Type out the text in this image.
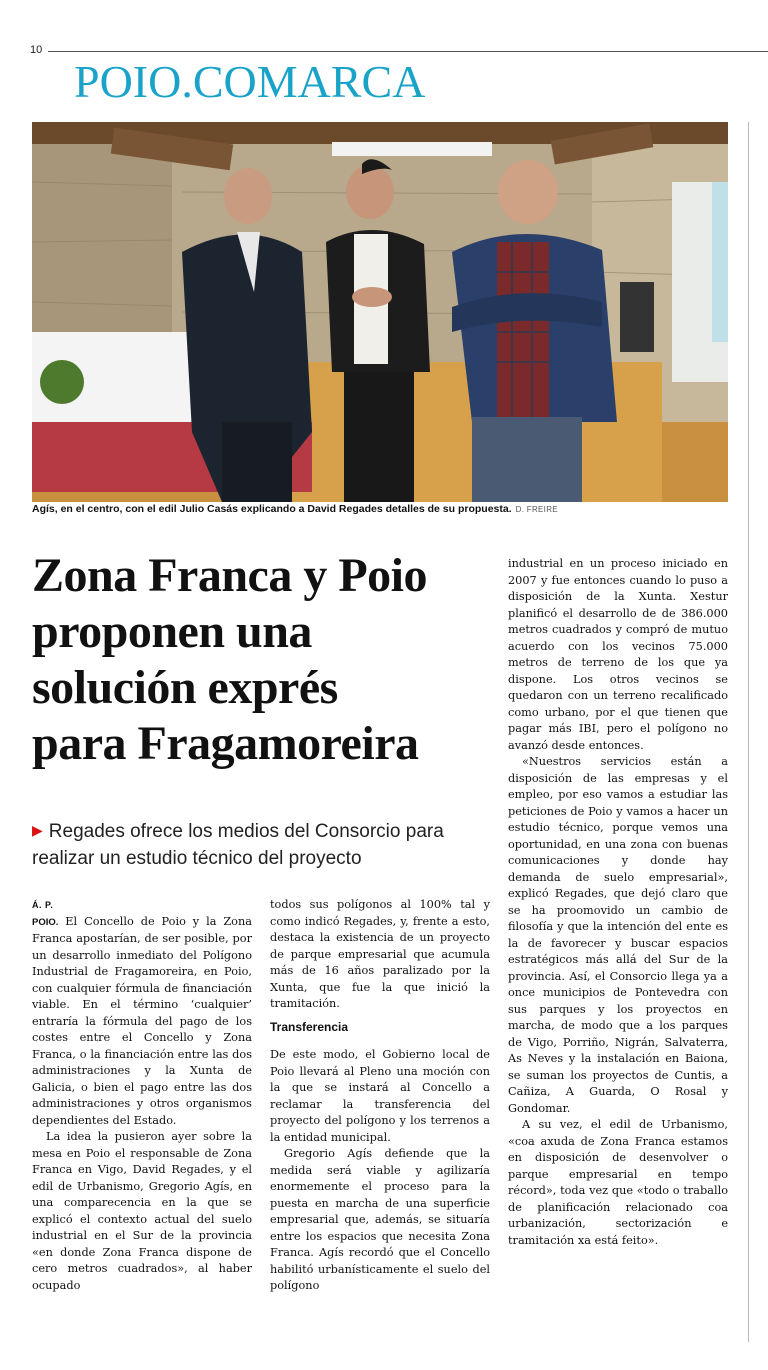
10
POIO.COMARCA
Agís, en el centro, con el edil Julio Casás explicando a David Regades detalles de su propuesta. D. FREIRE
Zona Franca y Poio
proponen una
solución exprés
para Fragamoreira
▶ Regades ofrece los medios del Consorcio para realizar un estudio técnico del proyecto
Á. P.

POIO. El Concello de Poio y la Zona Franca apostarían, de ser posible, por un desarrollo inmediato del Polígono Industrial de Fragamoreira, en Poio, con cualquier fórmula de financiación viable. En el término ‘cualquier’ entraría la fórmula del pago de los costes entre el Concello y Zona Franca, o la financiación entre las dos administraciones y la Xunta de Galicia, o bien el pago entre las dos administraciones y otros organismos dependientes del Estado.

La idea la pusieron ayer sobre la mesa en Poio el responsable de Zona Franca en Vigo, David Regades, y el edil de Urbanismo, Gregorio Agís, en una comparecencia en la que se explicó el contexto actual del suelo industrial en el Sur de la provincia «en donde Zona Franca dispone de cero metros cuadrados», al haber ocupado

todos sus polígonos al 100% tal y como indicó Regades, y, frente a esto, destaca la existencia de un proyecto de parque empresarial que acumula más de 16 años paralizado por la Xunta, que fue la que inició la tramitación.

Transferencia

De este modo, el Gobierno local de Poio llevará al Pleno una moción con la que se instará al Concello a reclamar la transferencia del proyecto del polígono y los terrenos a la entidad municipal.

Gregorio Agís defiende que la medida será viable y agilizaría enormemente el proceso para la puesta en marcha de una superficie empresarial que, además, se situaría entre los espacios que necesita Zona Franca. Agís recordó que el Concello habilitó urbanísticamente el suelo del polígono

industrial en un proceso iniciado en 2007 y fue entonces cuando lo puso a disposición de la Xunta. Xestur planificó el desarrollo de de 386.000 metros cuadrados y compró de mutuo acuerdo con los vecinos 75.000 metros de terreno de los que ya dispone. Los otros vecinos se quedaron con un terreno recalificado como urbano, por el que tienen que pagar más IBI, pero el polígono no avanzó desde entonces.

«Nuestros servicios están a disposición de las empresas y el empleo, por eso vamos a estudiar las peticiones de Poio y vamos a hacer un estudio técnico, porque vemos una oportunidad, en una zona con buenas comunicaciones y donde hay demanda de suelo empresarial», explicó Regades, que dejó claro que se ha proomovido un cambio de filosofía y que la intención del ente es la de favorecer y buscar espacios estratégicos más allá del Sur de la provincia. Así, el Consorcio llega ya a once municipios de Pontevedra con sus parques y los proyectos en marcha, de modo que a los parques de Vigo, Porriño, Nigrán, Salvaterra, As Neves y la instalación en Baiona, se suman los proyectos de Cuntis, a Cañiza, A Guarda, O Rosal y Gondomar.

A su vez, el edil de Urbanismo, «coa axuda de Zona Franca estamos en disposición de desenvolver o parque empresarial en tempo récord», toda vez que «todo o traballo de planificación relacionado coa urbanización, sectorización e tramitación xa está feito».
